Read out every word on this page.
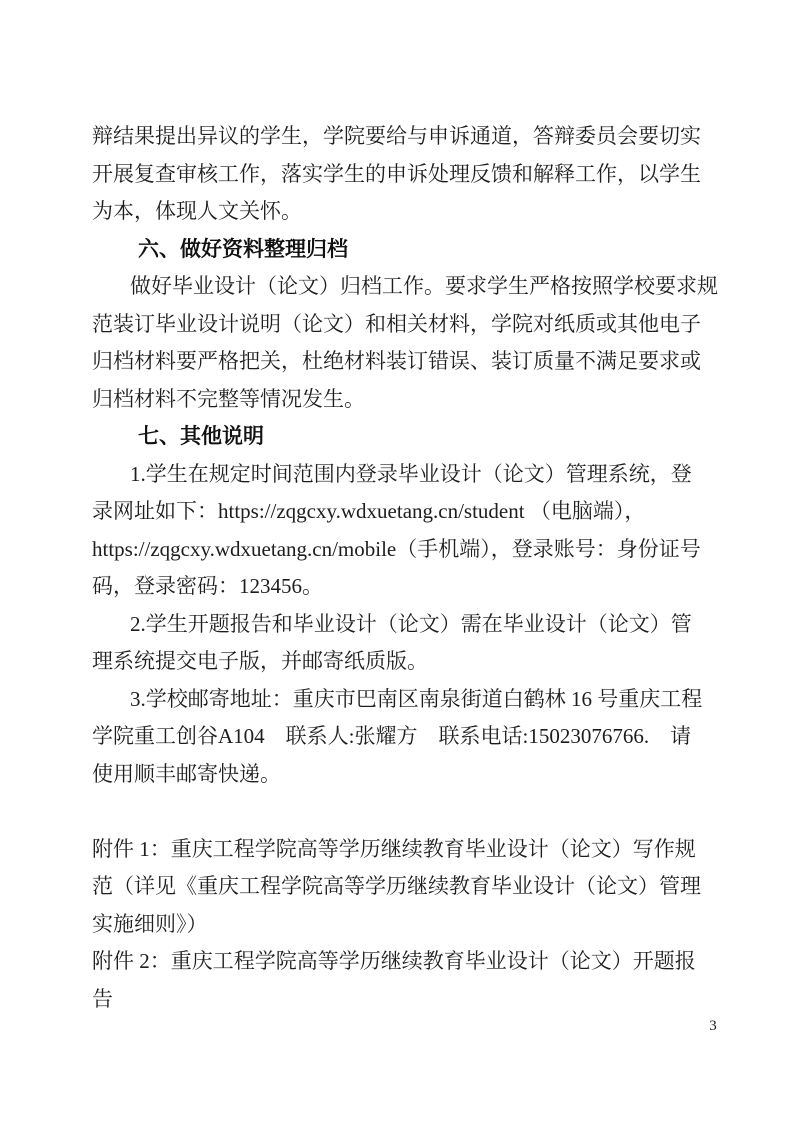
辩结果提出异议的学生，学院要给与申诉通道，答辩委员会要切实
开展复查审核工作，落实学生的申诉处理反馈和解释工作，以学生
为本，体现人文关怀。
六、做好资料整理归档
做好毕业设计（论文）归档工作。要求学生严格按照学校要求规
范装订毕业设计说明（论文）和相关材料，学院对纸质或其他电子
归档材料要严格把关，杜绝材料装订错误、装订质量不满足要求或
归档材料不完整等情况发生。
七、其他说明
1.学生在规定时间范围内登录毕业设计（论文）管理系统，登
录网址如下：https://zqgcxy.wdxuetang.cn/student （电脑端），
https://zqgcxy.wdxuetang.cn/mobile（手机端），登录账号：身份证号
码，登录密码：123456。
2.学生开题报告和毕业设计（论文）需在毕业设计（论文）管
理系统提交电子版，并邮寄纸质版。
3.学校邮寄地址：重庆市巴南区南泉街道白鹤林 16 号重庆工程
学院重工创谷A104　联系人:张耀方　联系电话:15023076766.　请
使用顺丰邮寄快递。
附件 1：重庆工程学院高等学历继续教育毕业设计（论文）写作规
范（详见《重庆工程学院高等学历继续教育毕业设计（论文）管理
实施细则》）
附件 2：重庆工程学院高等学历继续教育毕业设计（论文）开题报
告
3
